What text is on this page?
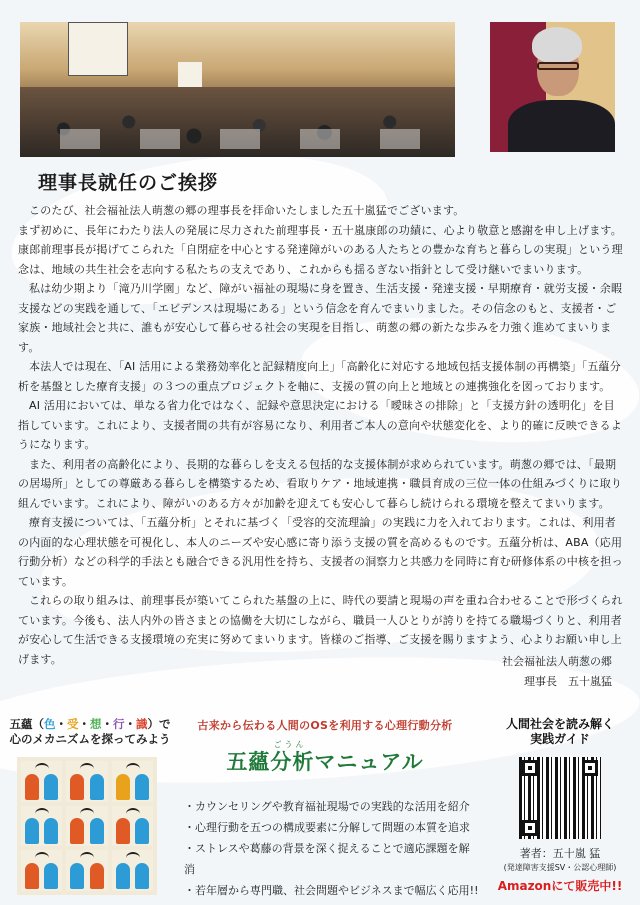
理事長就任のご挨拶

このたび、社会福祉法人萌葱の郷の理事長を拝命いたしました五十嵐猛でございます。

まず初めに、長年にわたり法人の発展に尽力された前理事長・五十嵐康郎の功績に、心より敬意と感謝を申し上げます。康郎前理事長が掲げてこられた「自閉症を中心とする発達障がいのある人たちとの豊かな育ちと暮らしの実現」という理念は、地域の共生社会を志向する私たちの支えであり、これからも揺るぎない指針として受け継いでまいります。

私は幼少期より「滝乃川学園」など、障がい福祉の現場に身を置き、生活支援・発達支援・早期療育・就労支援・余暇支援などの実践を通して、「エビデンスは現場にある」という信念を育んでまいりました。その信念のもと、支援者・ご家族・地域社会と共に、誰もが安心して暮らせる社会の実現を目指し、萌葱の郷の新たな歩みを力強く進めてまいります。

本法人では現在、「AI 活用による業務効率化と記録精度向上」「高齢化に対応する地域包括支援体制の再構築」「五蘊分析を基盤とした療育支援」の３つの重点プロジェクトを軸に、支援の質の向上と地域との連携強化を図っております。

AI 活用においては、単なる省力化ではなく、記録や意思決定における「曖昧さの排除」と「支援方針の透明化」を目指しています。これにより、支援者間の共有が容易になり、利用者ご本人の意向や状態変化を、より的確に反映できるようになります。

また、利用者の高齢化により、長期的な暮らしを支える包括的な支援体制が求められています。萌葱の郷では、「最期の居場所」としての尊厳ある暮らしを構築するため、看取りケア・地域連携・職員育成の三位一体の仕組みづくりに取り組んでいます。これにより、障がいのある方々が加齢を迎えても安心して暮らし続けられる環境を整えてまいります。

療育支援については、「五蘊分析」とそれに基づく「受容的交流理論」の実践に力を入れております。これは、利用者の内面的な心理状態を可視化し、本人のニーズや安心感に寄り添う支援の質を高めるものです。五蘊分析は、ABA（応用行動分析）などの科学的手法とも融合できる汎用性を持ち、支援者の洞察力と共感力を同時に育む研修体系の中核を担っています。

これらの取り組みは、前理事長が築いてこられた基盤の上に、時代の要請と現場の声を重ね合わせることで形づくられています。今後も、法人内外の皆さまとの協働を大切にしながら、職員一人ひとりが誇りを持てる職場づくりと、利用者が安心して生活できる支援環境の充実に努めてまいります。皆様のご指導、ご支援を賜りますよう、心よりお願い申し上げます。	社会福祉法人萌葱の郷
理事長　五十嵐猛
五蘊（色・受・想・行・識）で
心のメカニズムを探ってみよう
古来から伝わる人間のOSを利用する心理行動分析
ごうん
五蘊分析マニュアル
・ カウンセリングや教育福祉現場での実践的な活用を紹介
・ 心理行動を五つの構成要素に分解して問題の本質を追求
・ ストレスや葛藤の背景を深く捉えることで適応課題を解消
・ 若年層から専門職、社会問題やビジネスまで幅広く応用!!
人間社会を読み解く
実践ガイド
著者：五十嵐 猛
(発達障害支援SV・公認心理師)
Amazonにて販売中!!
